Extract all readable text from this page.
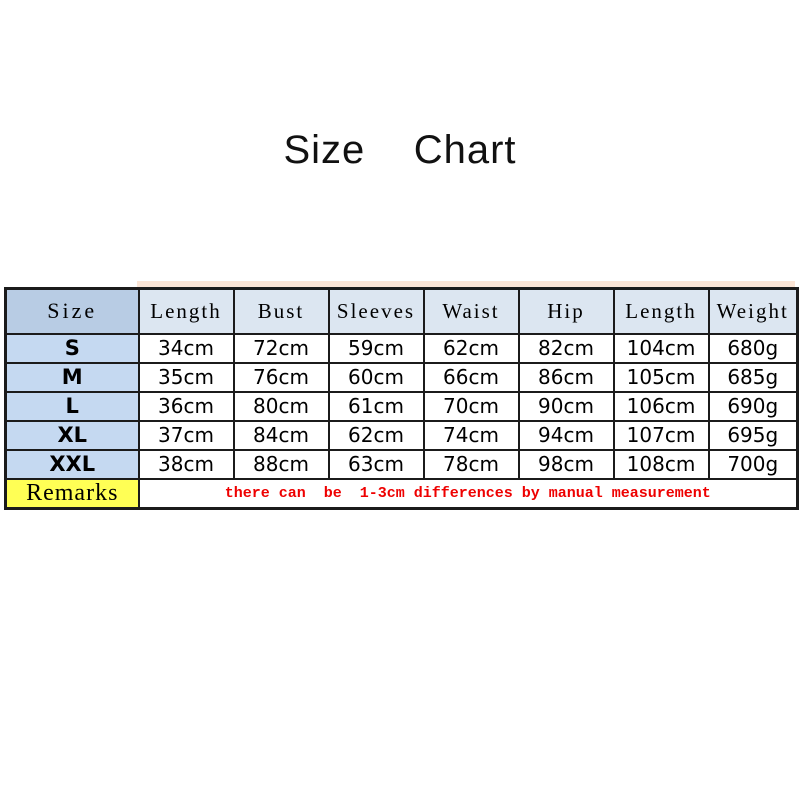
Size    Chart
Size	Length	Bust	Sleeves	Waist	Hip	Length	Weight
S	34cm	72cm	59cm	62cm	82cm	104cm	680g
M	35cm	76cm	60cm	66cm	86cm	105cm	685g
L	36cm	80cm	61cm	70cm	90cm	106cm	690g
XL	37cm	84cm	62cm	74cm	94cm	107cm	695g
XXL	38cm	88cm	63cm	78cm	98cm	108cm	700g
Remarks	there can  be  1-3cm differences by manual measurement						
